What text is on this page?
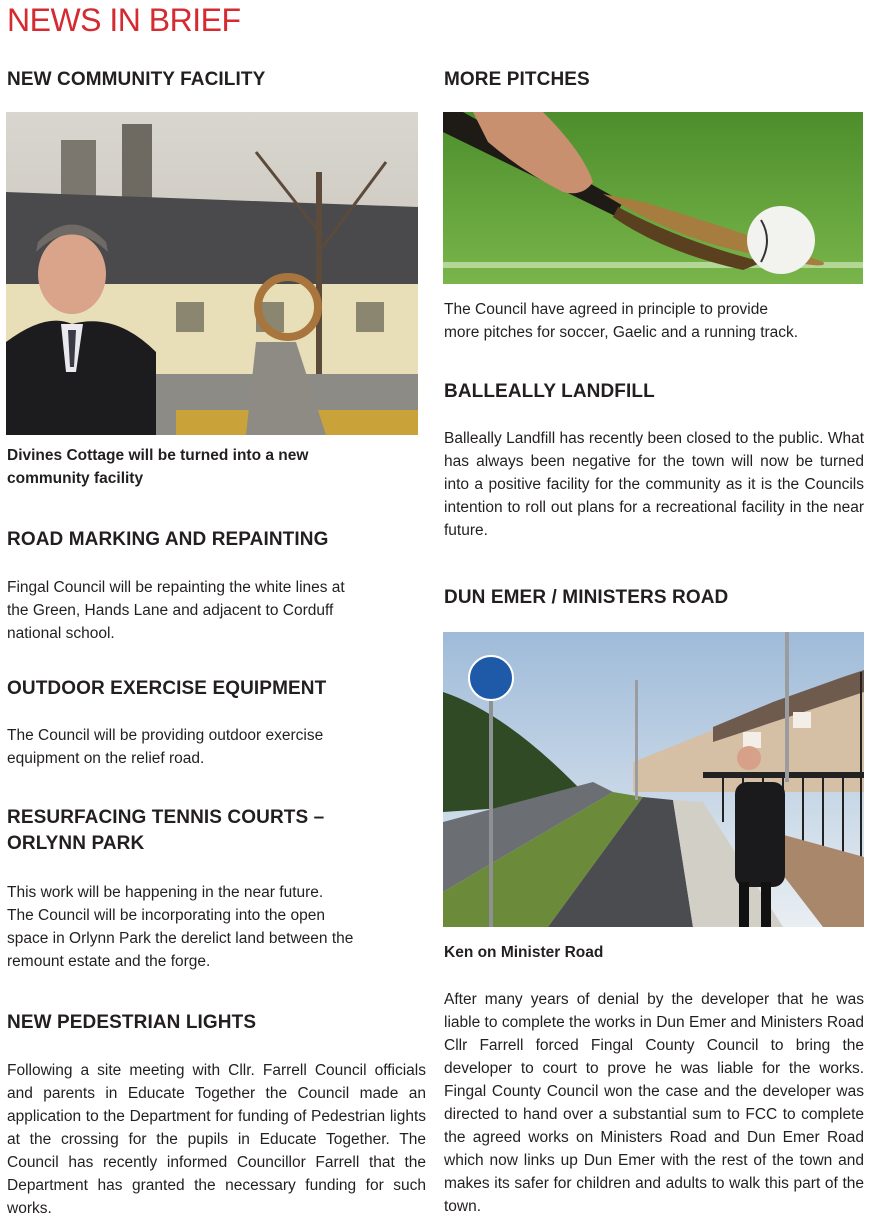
NEWS IN BRIEF
NEW COMMUNITY FACILITY

Divines Cottage will be turned into a new
community facility

ROAD MARKING AND REPAINTING

Fingal Council will be repainting the white lines at
the Green, Hands Lane and adjacent to Corduff
national school.

OUTDOOR EXERCISE EQUIPMENT

The Council will be providing outdoor exercise
equipment on the relief road.

RESURFACING TENNIS COURTS –
ORLYNN PARK

This work will be happening in the near future.
The Council will be incorporating into the open
space in Orlynn Park the derelict land between the
remount estate and the forge.

NEW PEDESTRIAN LIGHTS

Following a site meeting with Cllr. Farrell Council officials and parents in Educate Together the Council made an application to the Department for funding of Pedestrian lights at the crossing for the pupils in Educate Together. The Council has recently informed Councillor Farrell that the Department has granted the necessary funding for such works.

MORE PITCHES

The Council have agreed in principle to provide
more pitches for soccer, Gaelic and a running track.

BALLEALLY LANDFILL

Balleally Landfill has recently been closed to the public. What has always been negative for the town will now be turned into a positive facility for the community as it is the Councils intention to roll out plans for a recreational facility in the near future.

DUN EMER / MINISTERS ROAD

Ken on Minister Road

After many years of denial by the developer that he was liable to complete the works in Dun Emer and Ministers Road Cllr Farrell forced Fingal County Council to bring the developer to court to prove he was liable for the works. Fingal County Council won the case and the developer was directed to hand over a substantial sum to FCC to complete the agreed works on Ministers Road and Dun Emer Road which now links up Dun Emer with the rest of the town and makes its safer for children and adults to walk this part of the town.
